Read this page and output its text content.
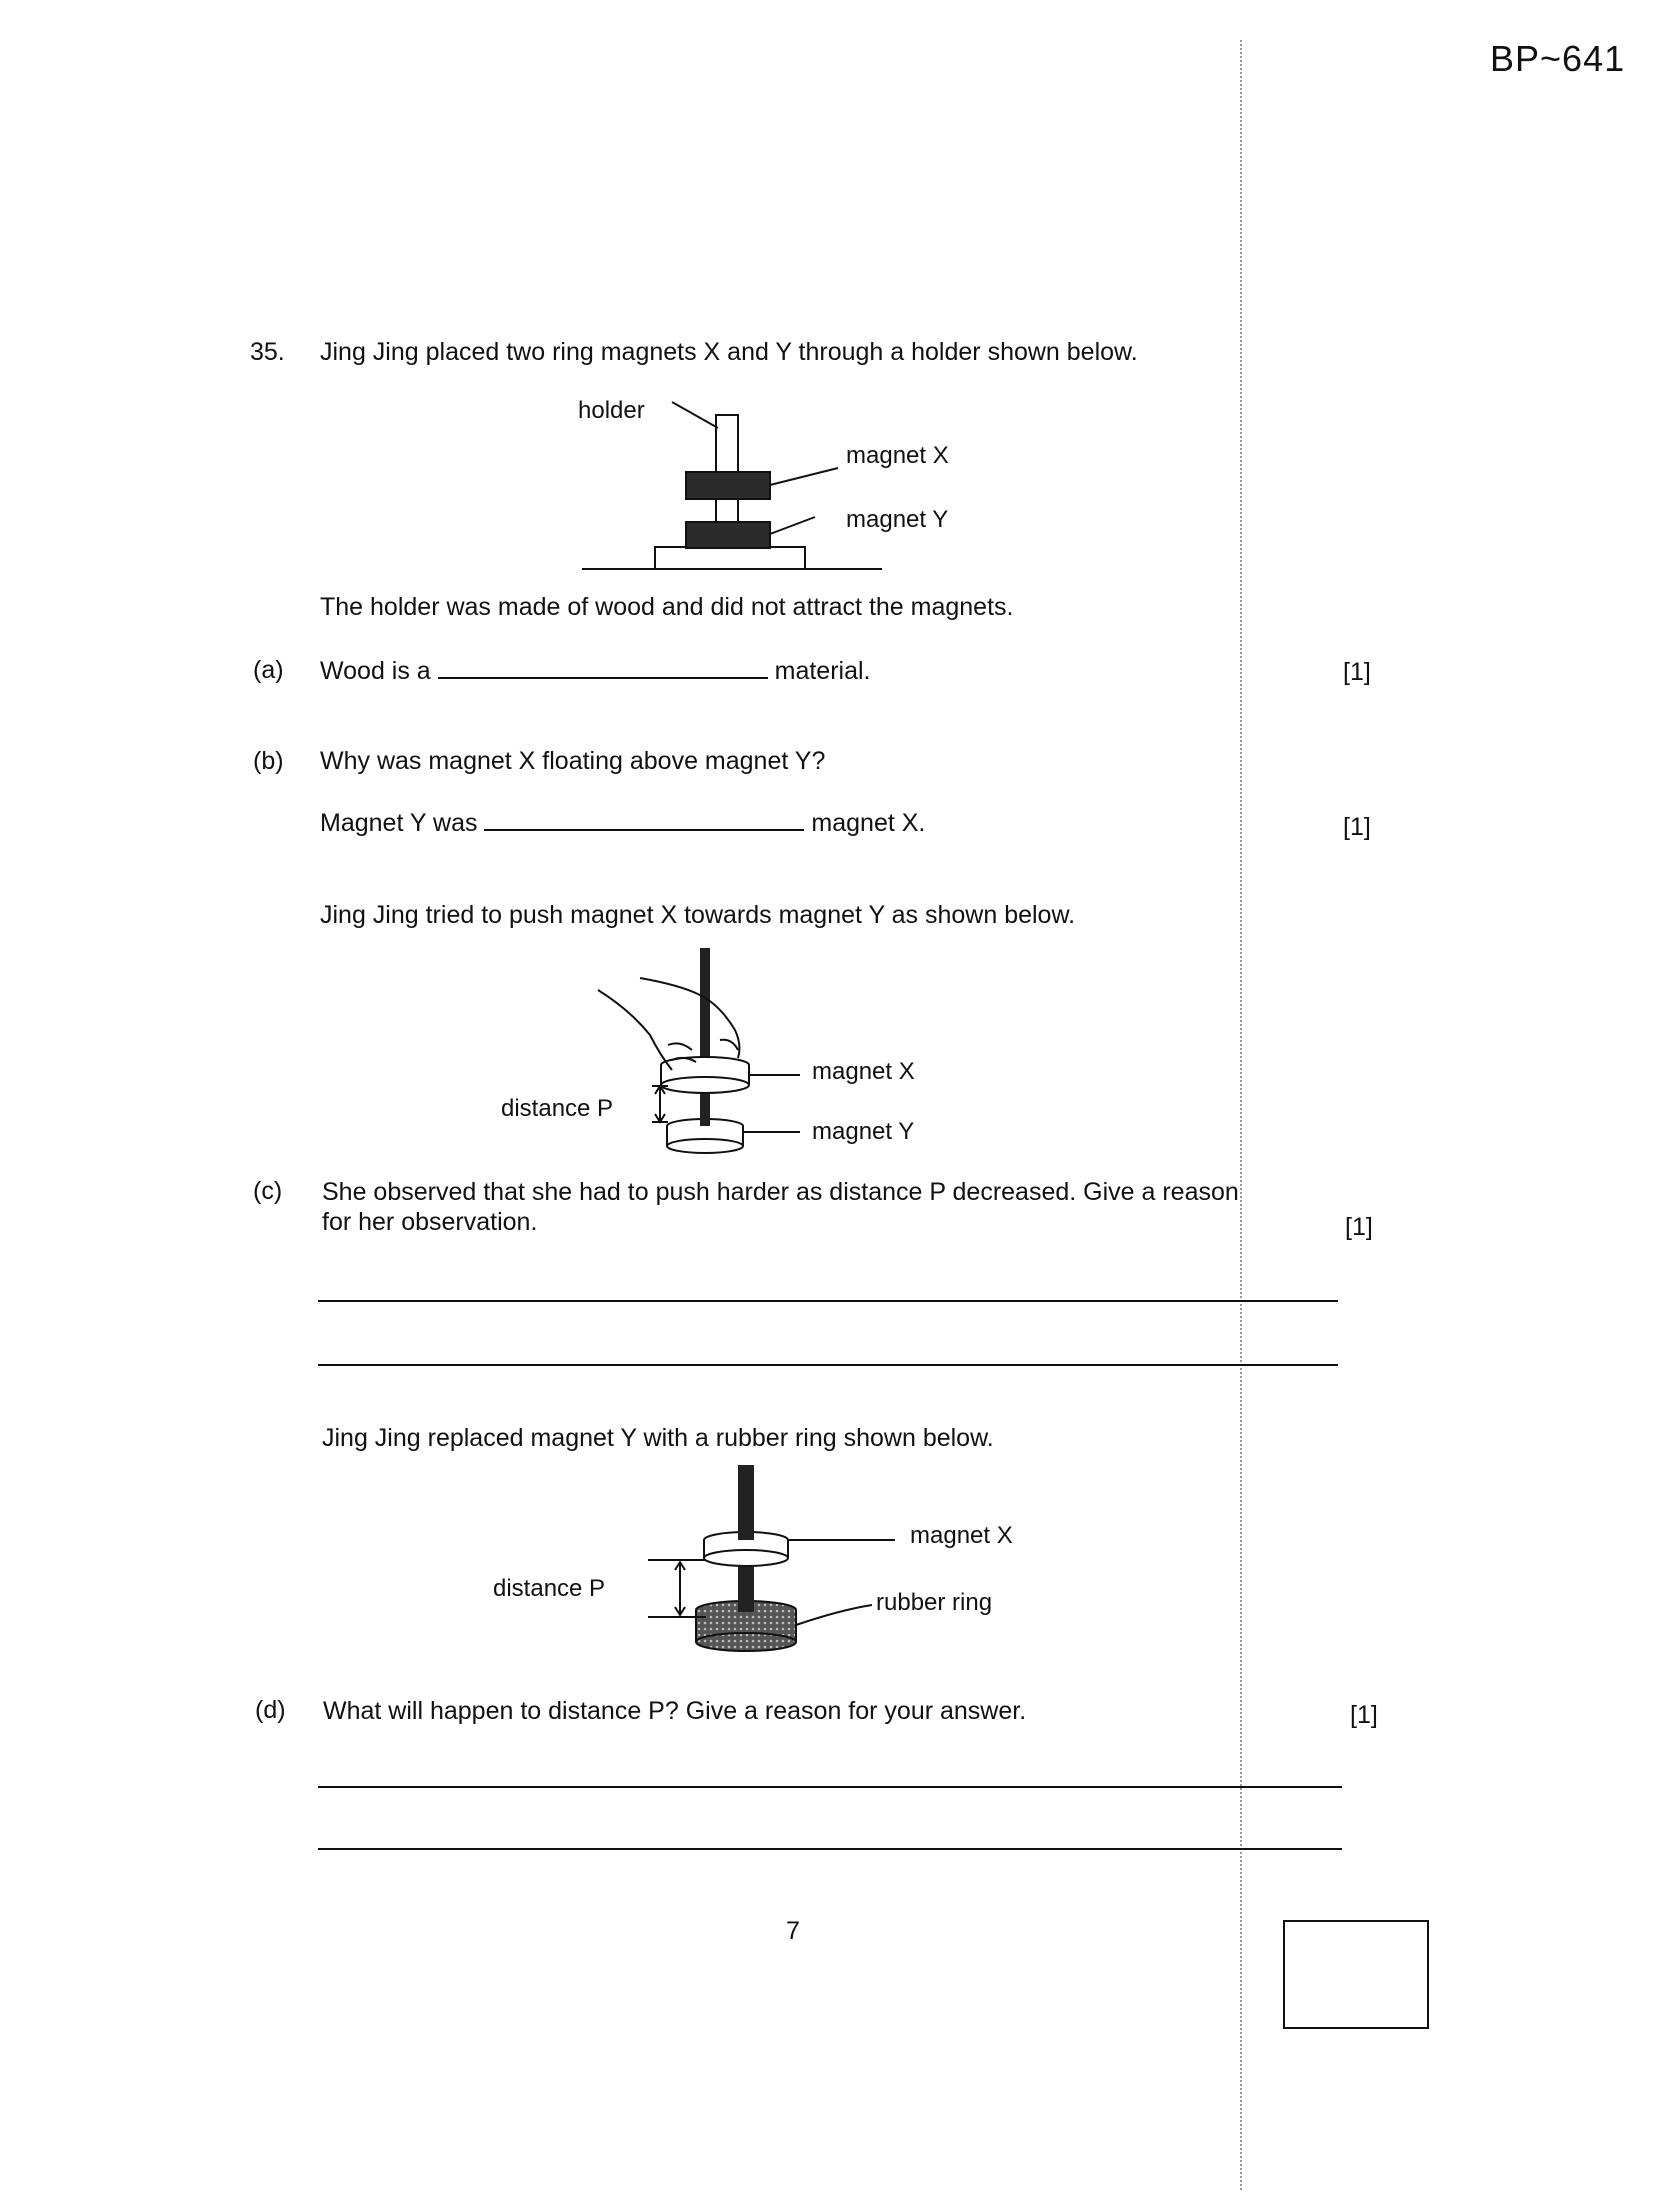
BP~641
35. Jing Jing placed two ring magnets X and Y through a holder shown below.
holder
magnet X
magnet Y
The holder was made of wood and did not attract the magnets.
(a) Wood is a	material.	[1]
(b) Why was magnet X floating above magnet Y?
Magnet Y was	magnet X.	[1]
Jing Jing tried to push magnet X towards magnet Y as shown below.
magnet X
magnet Y
distance P
(c) She observed that she had to push harder as distance P decreased. Give a reason
for her observation.	[1]
Jing Jing replaced magnet Y with a rubber ring shown below.
magnet X
rubber ring
distance P
(d) What will happen to distance P? Give a reason for your answer.	[1]
7
